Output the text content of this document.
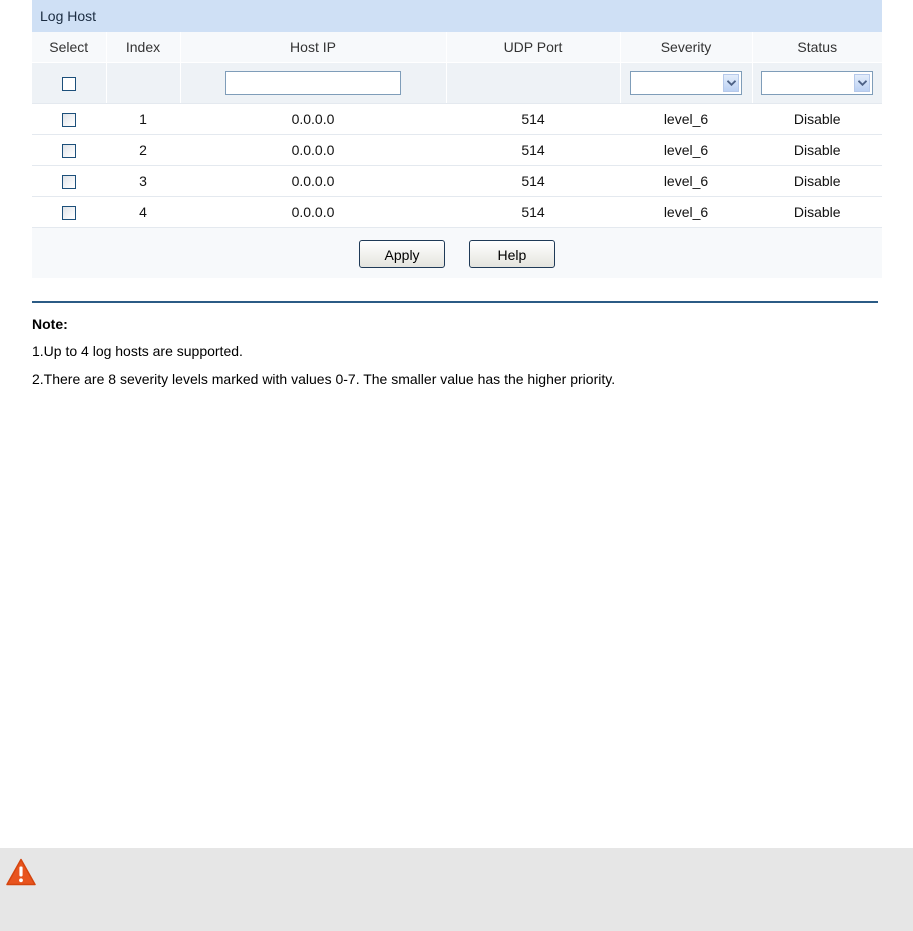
Log Host
Select	Index	Host IP	UDP Port	Severity	Status

	1	0.0.0.0	514	level_6	Disable
	2	0.0.0.0	514	level_6	Disable
	3	0.0.0.0	514	level_6	Disable
	4	0.0.0.0	514	level_6	Disable
Apply	Help
Note:
1.Up to 4 log hosts are supported.
2.There are 8 severity levels marked with values 0-7. The smaller value has the higher priority.
